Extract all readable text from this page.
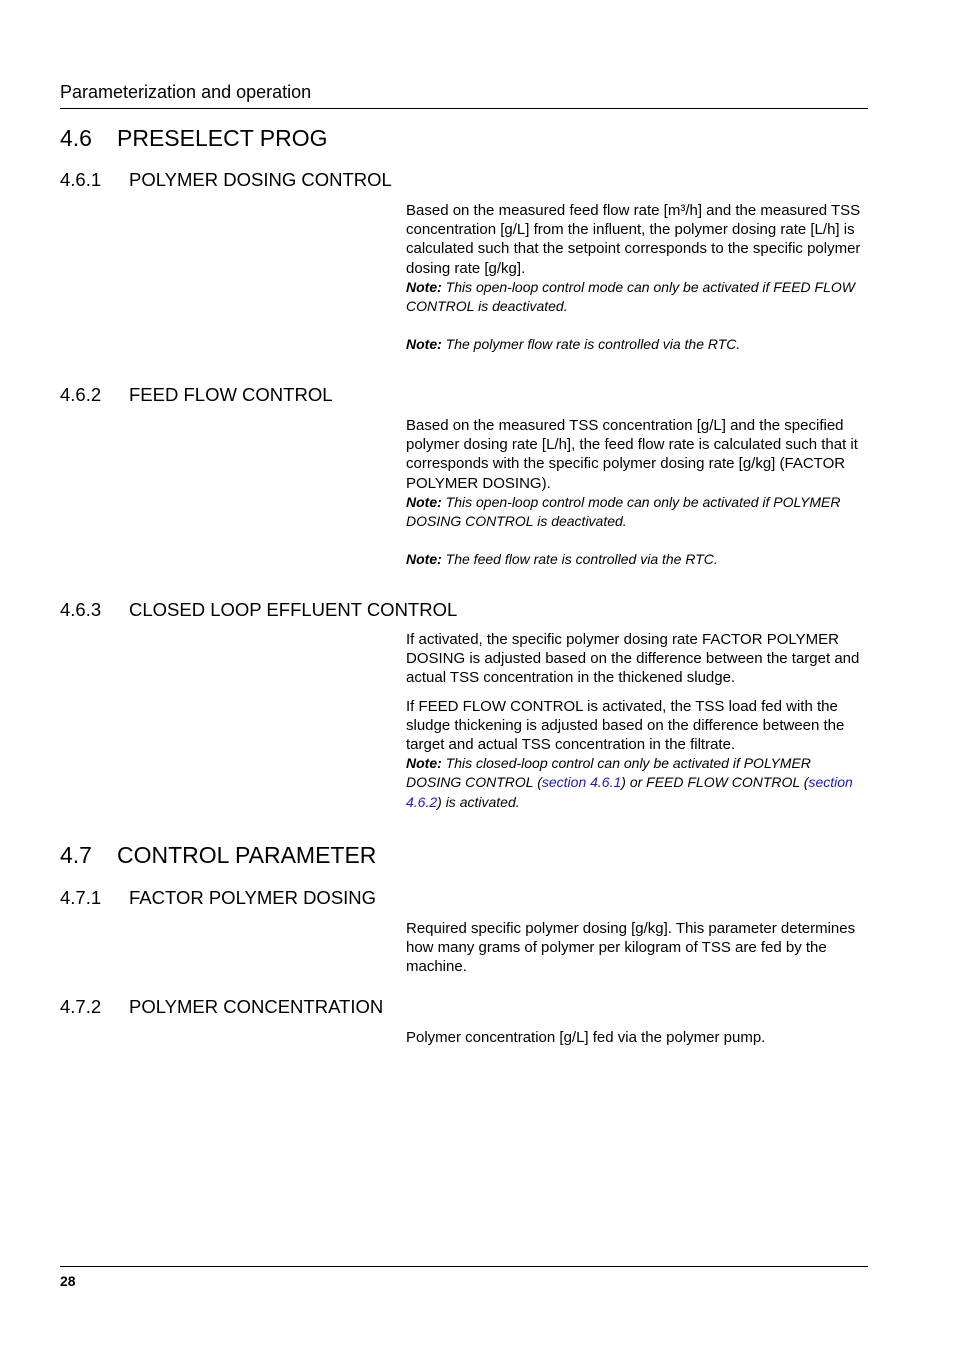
Parameterization and operation
4.6 PRESELECT PROG
4.6.1 POLYMER DOSING CONTROL

Based on the measured feed flow rate [m³/h] and the measured TSS concentration [g/L] from the influent, the polymer dosing rate [L/h] is calculated such that the setpoint corresponds to the specific polymer dosing rate [g/kg].

Note: This open-loop control mode can only be activated if FEED FLOW CONTROL is deactivated.

Note: The polymer flow rate is controlled via the RTC.

4.6.2 FEED FLOW CONTROL

Based on the measured TSS concentration [g/L] and the specified polymer dosing rate [L/h], the feed flow rate is calculated such that it corresponds with the specific polymer dosing rate [g/kg] (FACTOR POLYMER DOSING).

Note: This open-loop control mode can only be activated if POLYMER DOSING CONTROL is deactivated.

Note: The feed flow rate is controlled via the RTC.

4.6.3 CLOSED LOOP EFFLUENT CONTROL

If activated, the specific polymer dosing rate FACTOR POLYMER DOSING is adjusted based on the difference between the target and actual TSS concentration in the thickened sludge.

If FEED FLOW CONTROL is activated, the TSS load fed with the sludge thickening is adjusted based on the difference between the target and actual TSS concentration in the filtrate.

Note: This closed-loop control can only be activated if POLYMER DOSING CONTROL (section 4.6.1) or FEED FLOW CONTROL (section 4.6.2) is activated.

4.7 CONTROL PARAMETER
4.7.1 FACTOR POLYMER DOSING

Required specific polymer dosing [g/kg]. This parameter determines how many grams of polymer per kilogram of TSS are fed by the machine.

4.7.2 POLYMER CONCENTRATION

Polymer concentration [g/L] fed via the polymer pump.

28
